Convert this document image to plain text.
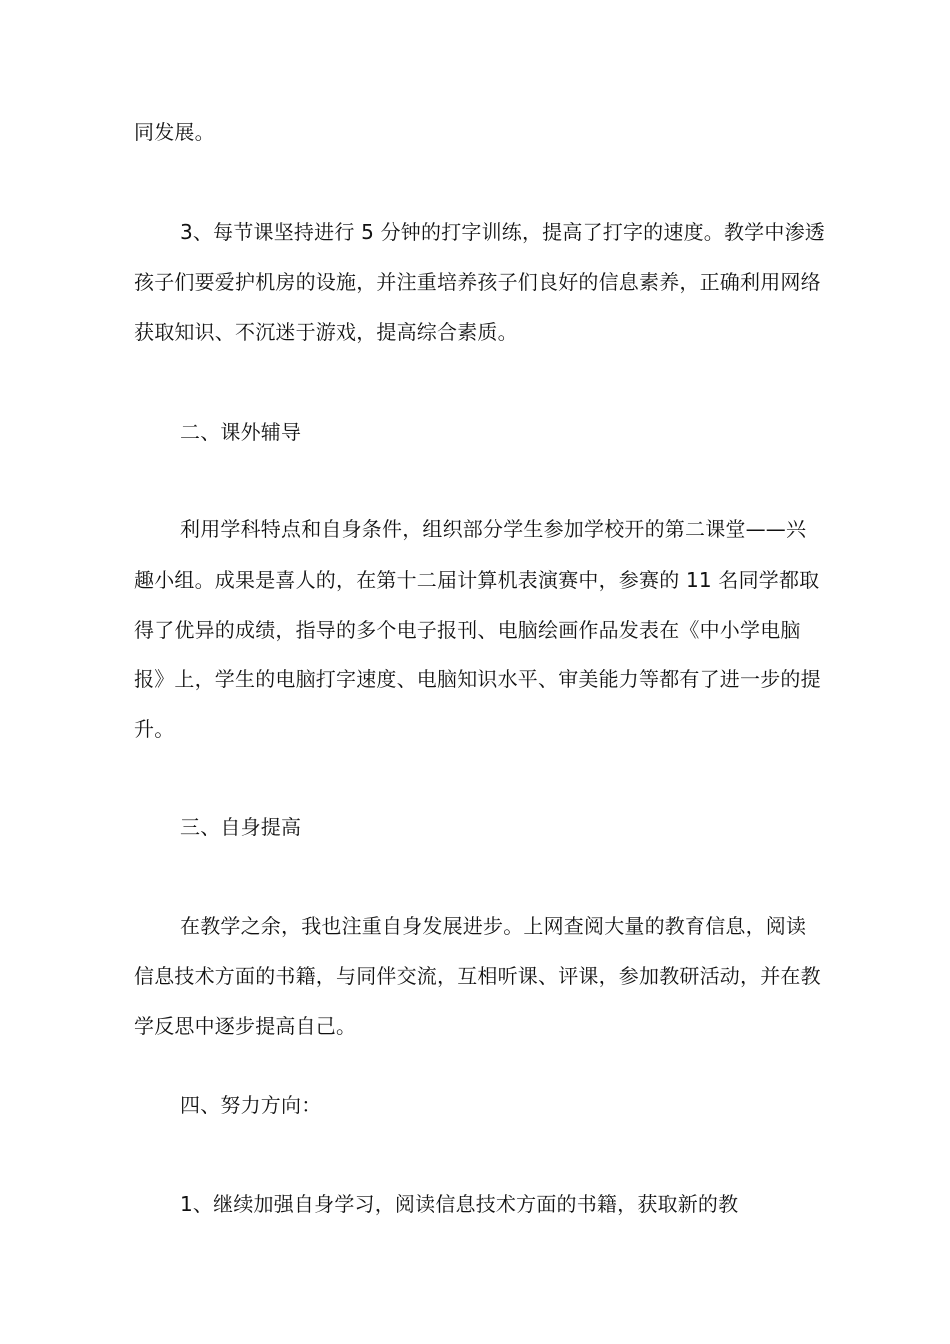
同发展。
3、每节课坚持进行 5 分钟的打字训练，提高了打字的速度。教学中渗透
孩子们要爱护机房的设施，并注重培养孩子们良好的信息素养，正确利用网络
获取知识、不沉迷于游戏，提高综合素质。
二、课外辅导
利用学科特点和自身条件，组织部分学生参加学校开的第二课堂——兴
趣小组。成果是喜人的，在第十二届计算机表演赛中，参赛的 11 名同学都取
得了优异的成绩，指导的多个电子报刊、电脑绘画作品发表在《中小学电脑
报》上，学生的电脑打字速度、电脑知识水平、审美能力等都有了进一步的提
升。
三、自身提高
在教学之余，我也注重自身发展进步。上网查阅大量的教育信息，阅读
信息技术方面的书籍，与同伴交流，互相听课、评课，参加教研活动，并在教
学反思中逐步提高自己。
四、努力方向：
1、继续加强自身学习，阅读信息技术方面的书籍，获取新的教
